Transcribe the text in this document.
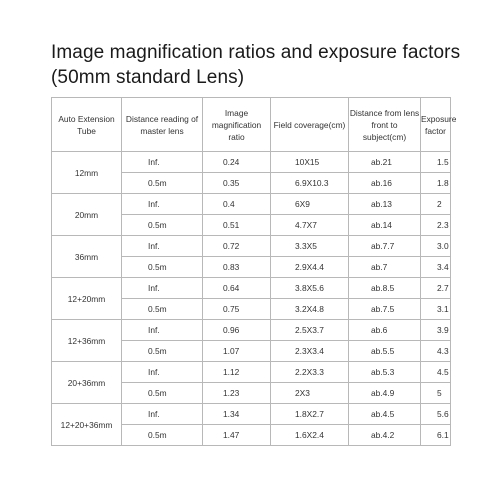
Image magnification ratios and exposure factors
(50mm standard Lens)
Auto Extension Tube	Distance reading of master lens	Image magnification ratio	Field coverage(cm)	Distance from lens front to subject(cm)	Exposure factor
12mm	Inf.	0.24	10X15	ab.21	1.5
	0.5m	0.35	6.9X10.3	ab.16	1.8
20mm	Inf.	0.4	6X9	ab.13	2
	0.5m	0.51	4.7X7	ab.14	2.3
36mm	Inf.	0.72	3.3X5	ab.7.7	3.0
	0.5m	0.83	2.9X4.4	ab.7	3.4
12+20mm	Inf.	0.64	3.8X5.6	ab.8.5	2.7
	0.5m	0.75	3.2X4.8	ab.7.5	3.1
12+36mm	Inf.	0.96	2.5X3.7	ab.6	3.9
	0.5m	1.07	2.3X3.4	ab.5.5	4.3
20+36mm	Inf.	1.12	2.2X3.3	ab.5.3	4.5
	0.5m	1.23	2X3	ab.4.9	5
12+20+36mm	Inf.	1.34	1.8X2.7	ab.4.5	5.6
	0.5m	1.47	1.6X2.4	ab.4.2	6.1
